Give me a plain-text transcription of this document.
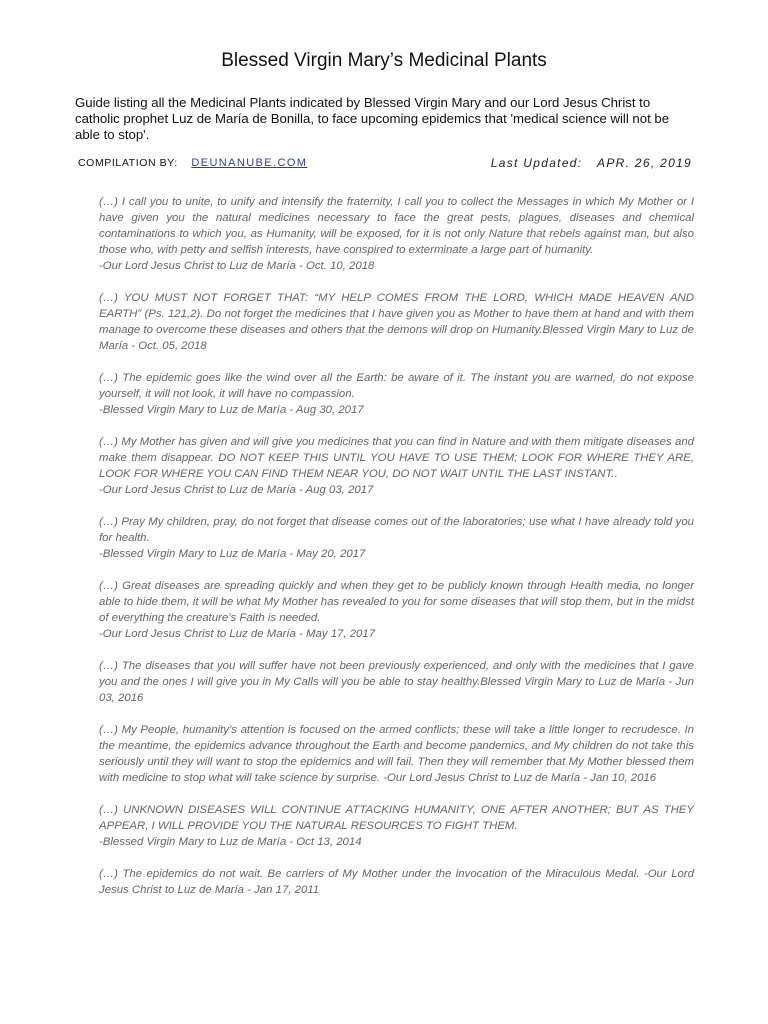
Blessed Virgin Mary’s Medicinal Plants
Guide listing all the Medicinal Plants indicated by Blessed Virgin Mary and our Lord Jesus Christ to catholic prophet Luz de María de Bonilla, to face upcoming epidemics that 'medical science will not be able to stop'.
COMPILATION BY: DEUNANUBE.COM	Last Updated: APR. 26, 2019
(…) I call you to unite, to unify and intensify the fraternity, I call you to collect the Messages in which My Mother or I have given you the natural medicines necessary to face the great pests, plagues, diseases and chemical contaminations to which you, as Humanity, will be exposed, for it is not only Nature that rebels against man, but also those who, with petty and selfish interests, have conspired to exterminate a large part of humanity.
-Our Lord Jesus Christ to Luz de María - Oct. 10, 2018
(…) YOU MUST NOT FORGET THAT: “MY HELP COMES FROM THE LORD, WHICH MADE HEAVEN AND EARTH” (Ps. 121,2). Do not forget the medicines that I have given you as Mother to have them at hand and with them manage to overcome these diseases and others that the demons will drop on Humanity.Blessed Virgin Mary to Luz de María - Oct. 05, 2018
(…) The epidemic goes like the wind over all the Earth: be aware of it. The instant you are warned, do not expose yourself, it will not look, it will have no compassion.
-Blessed Virgin Mary to Luz de María - Aug 30, 2017
(…) My Mother has given and will give you medicines that you can find in Nature and with them mitigate diseases and make them disappear. DO NOT KEEP THIS UNTIL YOU HAVE TO USE THEM; LOOK FOR WHERE THEY ARE, LOOK FOR WHERE YOU CAN FIND THEM NEAR YOU, DO NOT WAIT UNTIL THE LAST INSTANT..
-Our Lord Jesus Christ to Luz de María - Aug 03, 2017
(…) Pray My children, pray, do not forget that disease comes out of the laboratories; use what I have already told you for health.
-Blessed Virgin Mary to Luz de María - May 20, 2017
(…) Great diseases are spreading quickly and when they get to be publicly known through Health media, no longer able to hide them, it will be what My Mother has revealed to you for some diseases that will stop them, but in the midst of everything the creature’s Faith is needed.
-Our Lord Jesus Christ to Luz de María - May 17, 2017
(…) The diseases that you will suffer have not been previously experienced, and only with the medicines that I gave you and the ones I will give you in My Calls will you be able to stay healthy.Blessed Virgin Mary to Luz de María - Jun 03, 2016
(…) My People, humanity’s attention is focused on the armed conflicts; these will take a little longer to recrudesce. In the meantime, the epidemics advance throughout the Earth and become pandemics, and My children do not take this seriously until they will want to stop the epidemics and will fail. Then they will remember that My Mother blessed them with medicine to stop what will take science by surprise. -Our Lord Jesus Christ to Luz de María - Jan 10, 2016
(…) UNKNOWN DISEASES WILL CONTINUE ATTACKING HUMANITY, ONE AFTER ANOTHER; BUT AS THEY APPEAR, I WILL PROVIDE YOU THE NATURAL RESOURCES TO FIGHT THEM.
-Blessed Virgin Mary to Luz de María - Oct 13, 2014
(…) The epidemics do not wait. Be carriers of My Mother under the invocation of the Miraculous Medal. -Our Lord Jesus Christ to Luz de María - Jan 17, 2011
